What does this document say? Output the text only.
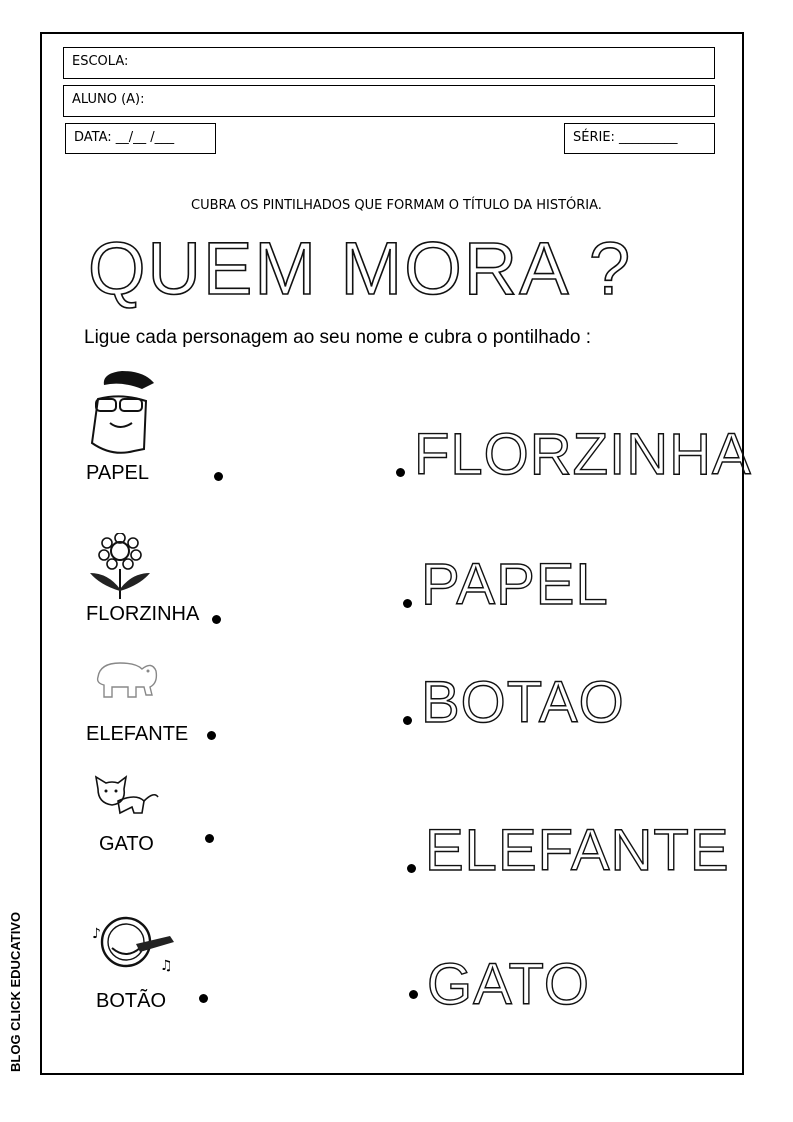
ESCOLA:
ALUNO (A):
DATA: __/__ /___	SÉRIE: _________
CUBRA OS PINTILHADOS QUE FORMAM O TÍTULO DA HISTÓRIA.
QUEM MORA ?
Ligue cada personagem ao seu nome e cubra o pontilhado :
PAPEL
FLORZINHA
ELEFANTE
GATO
♪
♫
BOTÃO
FLORZINHA
PAPEL
BOTAO
ELEFANTE
GATO
BLOG CLICK EDUCATIVO
